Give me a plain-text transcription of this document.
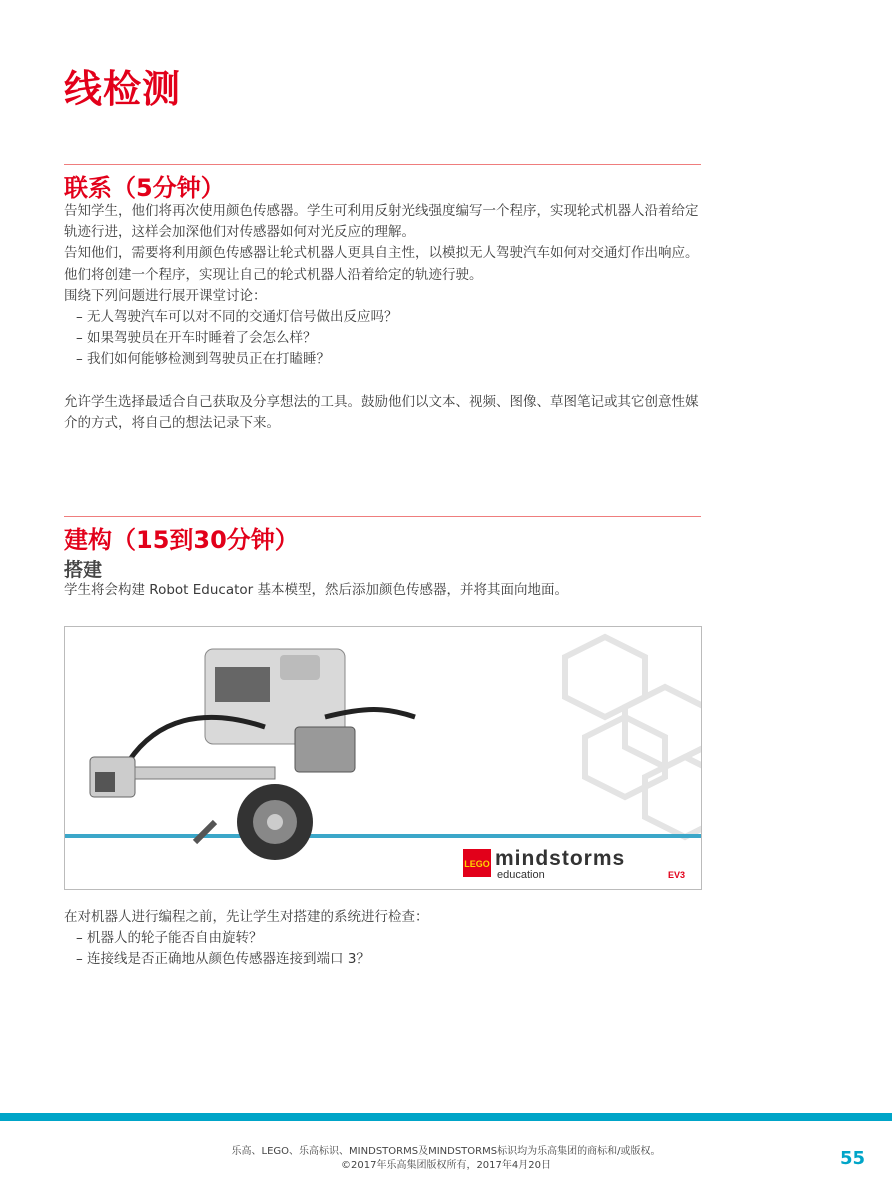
线检测
联系（5分钟）

告知学生，他们将再次使用颜色传感器。学生可利用反射光线强度编写一个程序，实现轮式机器人沿着给定轨迹行进，这样会加深他们对传感器如何对光反应的理解。

告知他们，需要将利用颜色传感器让轮式机器人更具自主性，以模拟无人驾驶汽车如何对交通灯作出响应。

他们将创建一个程序，实现让自己的轮式机器人沿着给定的轨迹行驶。

围绕下列问题进行展开课堂讨论：

– 无人驾驶汽车可以对不同的交通灯信号做出反应吗？

– 如果驾驶员在开车时睡着了会怎么样？

– 我们如何能够检测到驾驶员正在打瞌睡？

允许学生选择最适合自己获取及分享想法的工具。鼓励他们以文本、视频、图像、草图笔记或其它创意性媒介的方式，将自己的想法记录下来。

建构（15到30分钟）
搭建
学生将会构建 Robot Educator 基本模型，然后添加颜色传感器，并将其面向地面。
LEGO mindstorms
education	EV3

在对机器人进行编程之前，先让学生对搭建的系统进行检查：

– 机器人的轮子能否自由旋转？

– 连接线是否正确地从颜色传感器连接到端口 3？

乐高、LEGO、乐高标识、MINDSTORMS及MINDSTORMS标识均为乐高集团的商标和/或版权。
©2017年乐高集团版权所有，2017年4月20日	55
